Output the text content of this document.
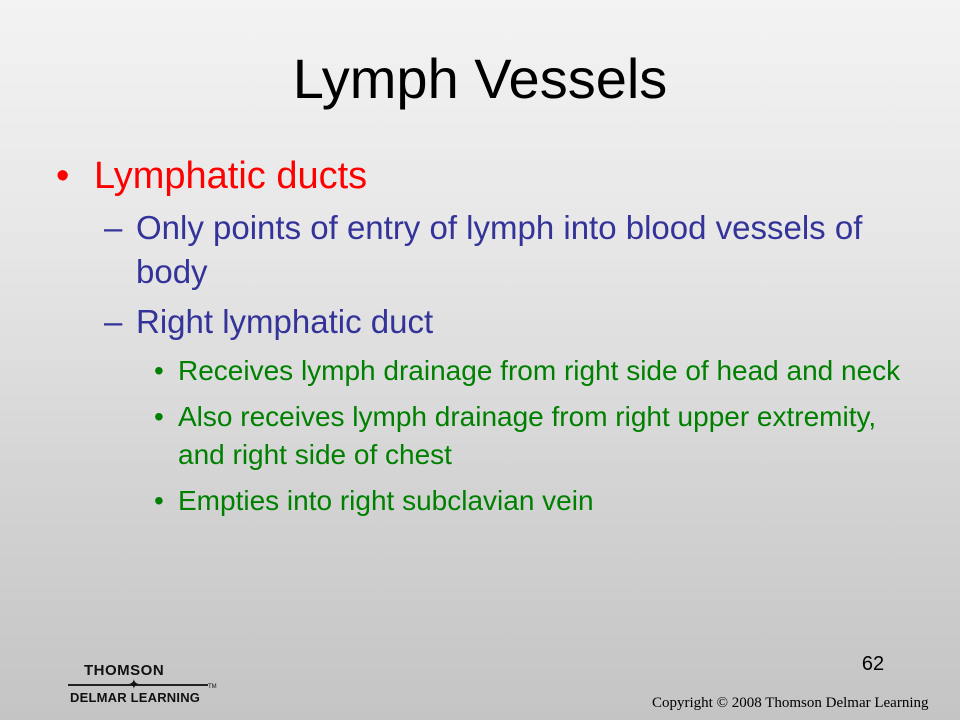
Lymph Vessels
• Lymphatic ducts
– Only points of entry of lymph into blood vessels of body
– Right lymphatic duct
• Receives lymph drainage from right side of head and neck
• Also receives lymph drainage from right upper extremity, and right side of chest
• Empties into right subclavian vein
62
THOMSON
✦	TM
DELMAR LEARNING	Copyright © 2008 Thomson Delmar Learning
